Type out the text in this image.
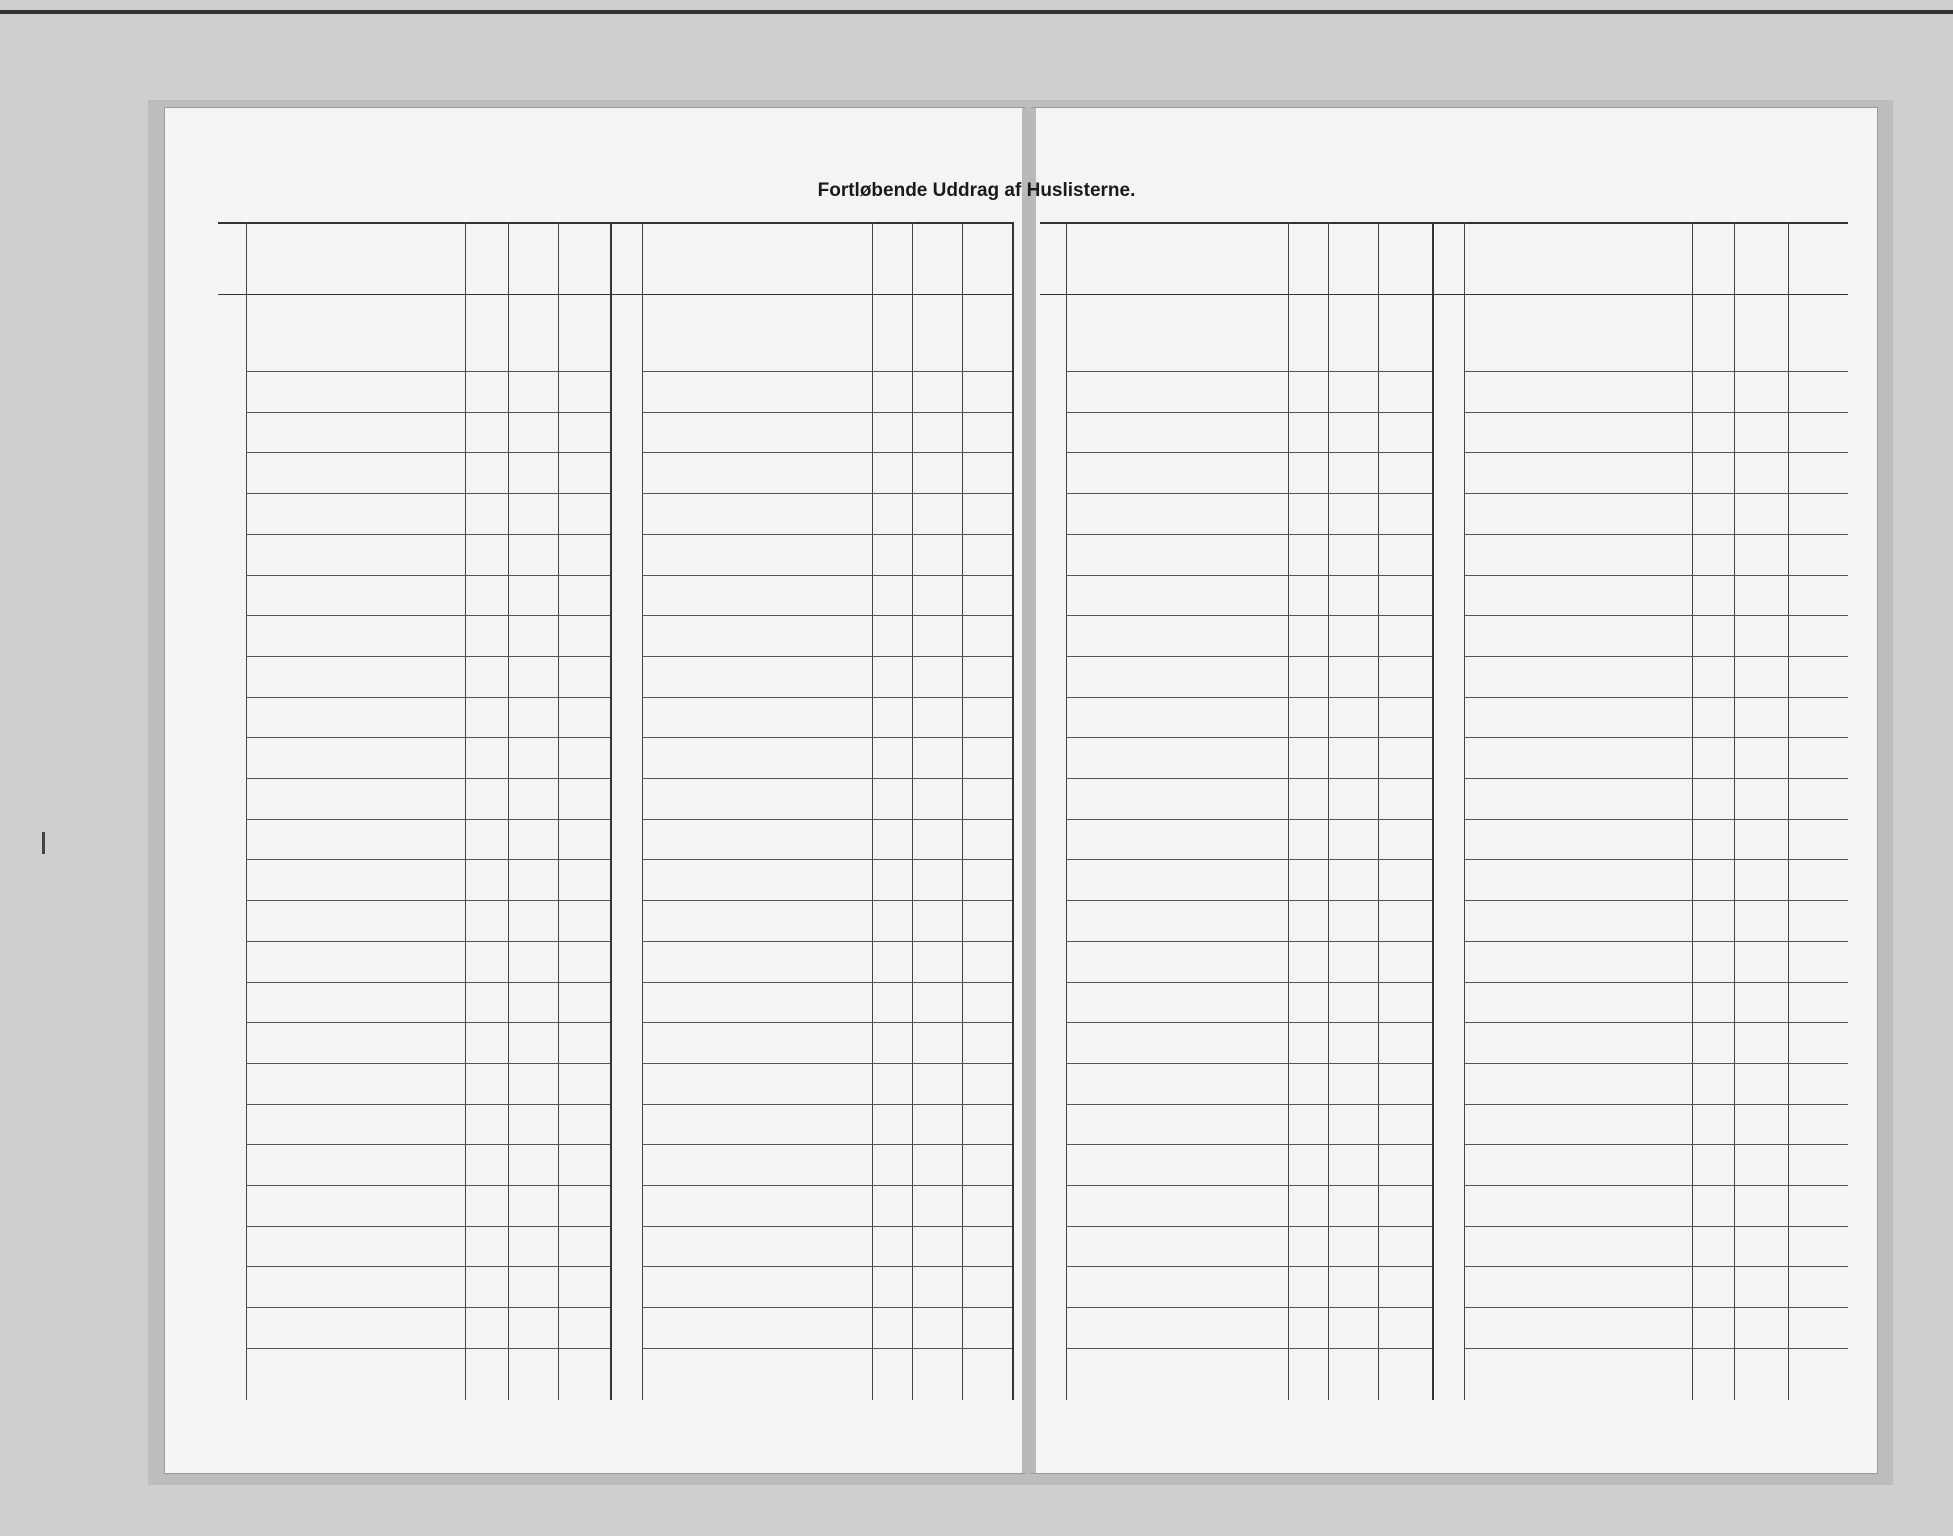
Fortløbende Uddrag af Huslisterne.
